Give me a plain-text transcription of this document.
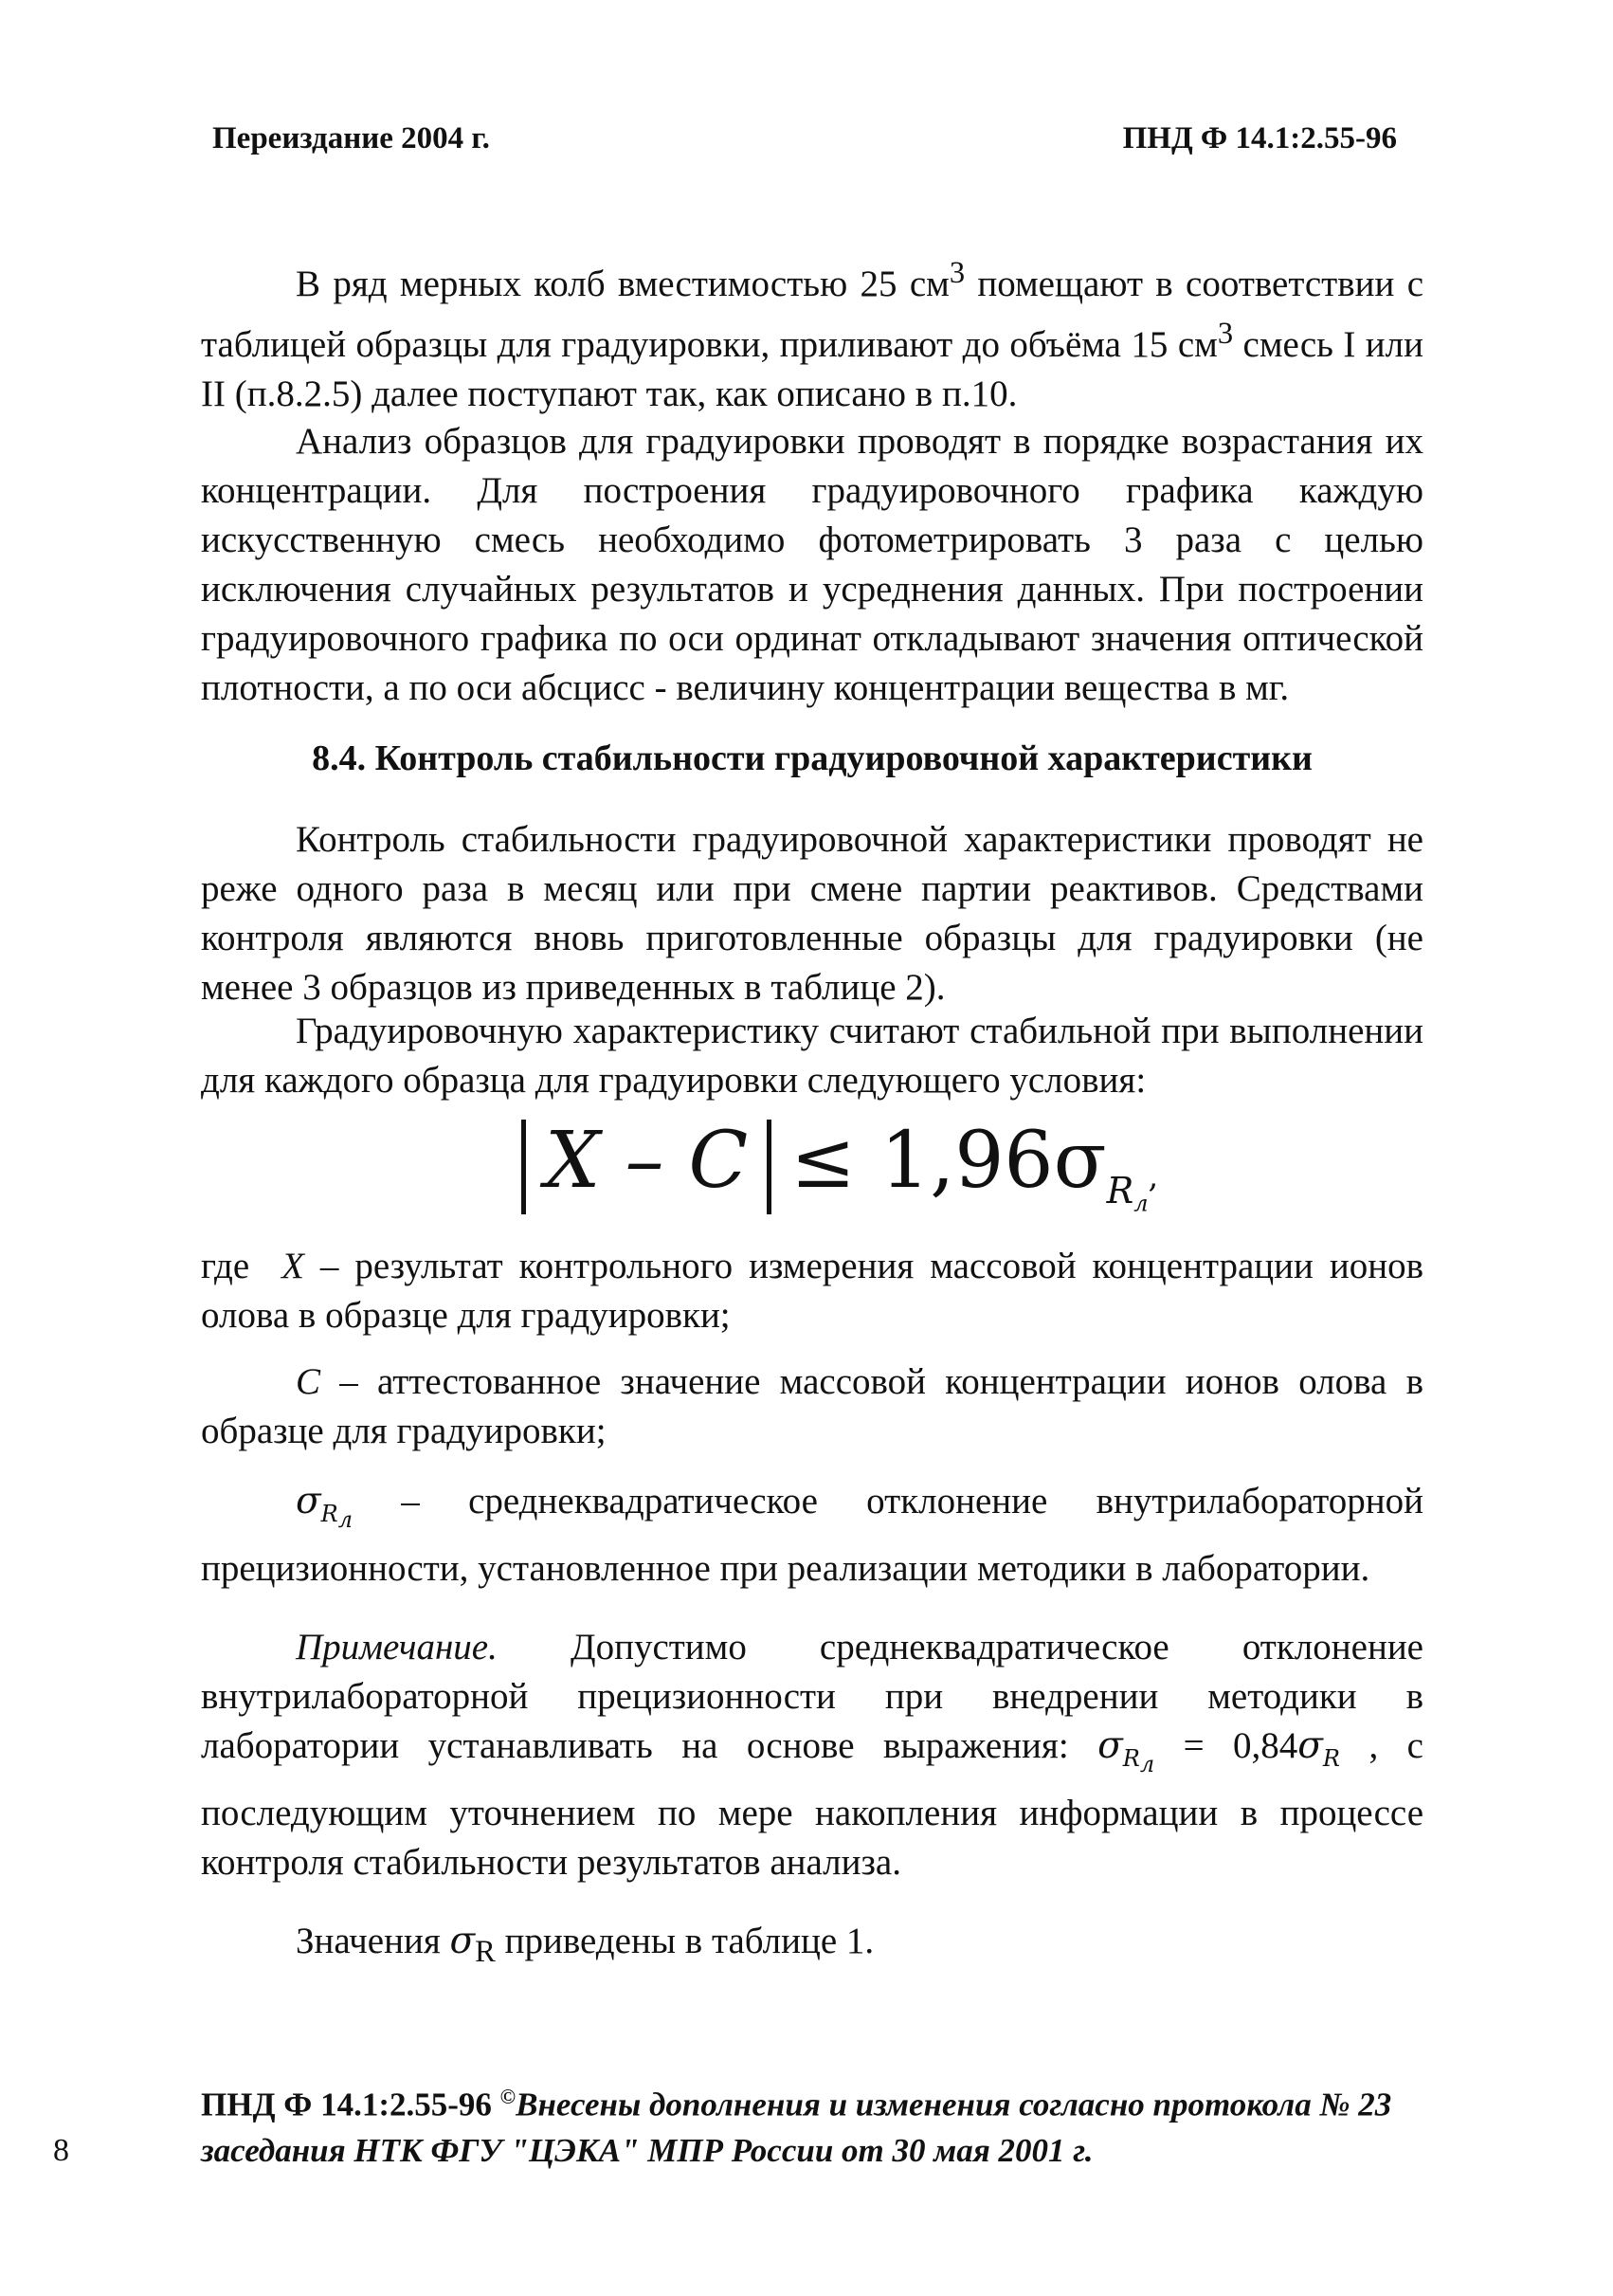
Переиздание 2004 г.	ПНД Ф 14.1:2.55-96

В ряд мерных колб вместимостью 25 $см^3$ помещают в соответствии с таблицей образцы для градуировки, приливают до объёма 15 $см^3$ смесь I или II (п.8.2.5) далее поступают так, как описано в п.10.

Анализ образцов для градуировки проводят в порядке возрастания их концентрации. Для построения градуировочного графика каждую искусственную смесь необходимо фотометрировать 3 раза с целью исключения случайных результатов и усреднения данных. При построении градуировочного графика по оси ординат откладывают значения оптической плотности, а по оси абсцисс - величину концентрации вещества в мг.

8.4. Контроль стабильности градуировочной характеристики

Контроль стабильности градуировочной характеристики проводят не реже одного раза в месяц или при смене партии реактивов. Средствами контроля являются вновь приготовленные образцы для градуировки (не менее 3 образцов из приведенных в таблице 2).

Градуировочную характеристику считают стабильной при выполнении для каждого образца для градуировки следующего условия:

$X - C \le 1,96\sigma_{R_л}$,

где  X – результат контрольного измерения массовой концентрации ионов олова в образце для градуировки;

C – аттестованное значение массовой концентрации ионов олова в образце для градуировки;

$\sigma_{R_л}$ – среднеквадратическое отклонение внутрилабораторной прецизионности, установленное при реализации методики в лаборатории.

Примечание. Допустимо среднеквадратическое отклонение внутрилабораторной прецизионности при внедрении методики в лаборатории устанавливать на основе выражения: $\sigma_{R_л} = 0,84\sigma_R$ , с последующим уточнением по мере накопления информации в процессе контроля стабильности результатов анализа.

Значения $\sigma_R$ приведены в таблице 1.

ПНД Ф 14.1:2.55-96 ©Внесены дополнения и изменения согласно протокола № 23 заседания НТК ФГУ "ЦЭКА" МПР России от 30 мая 2001 г.
8
